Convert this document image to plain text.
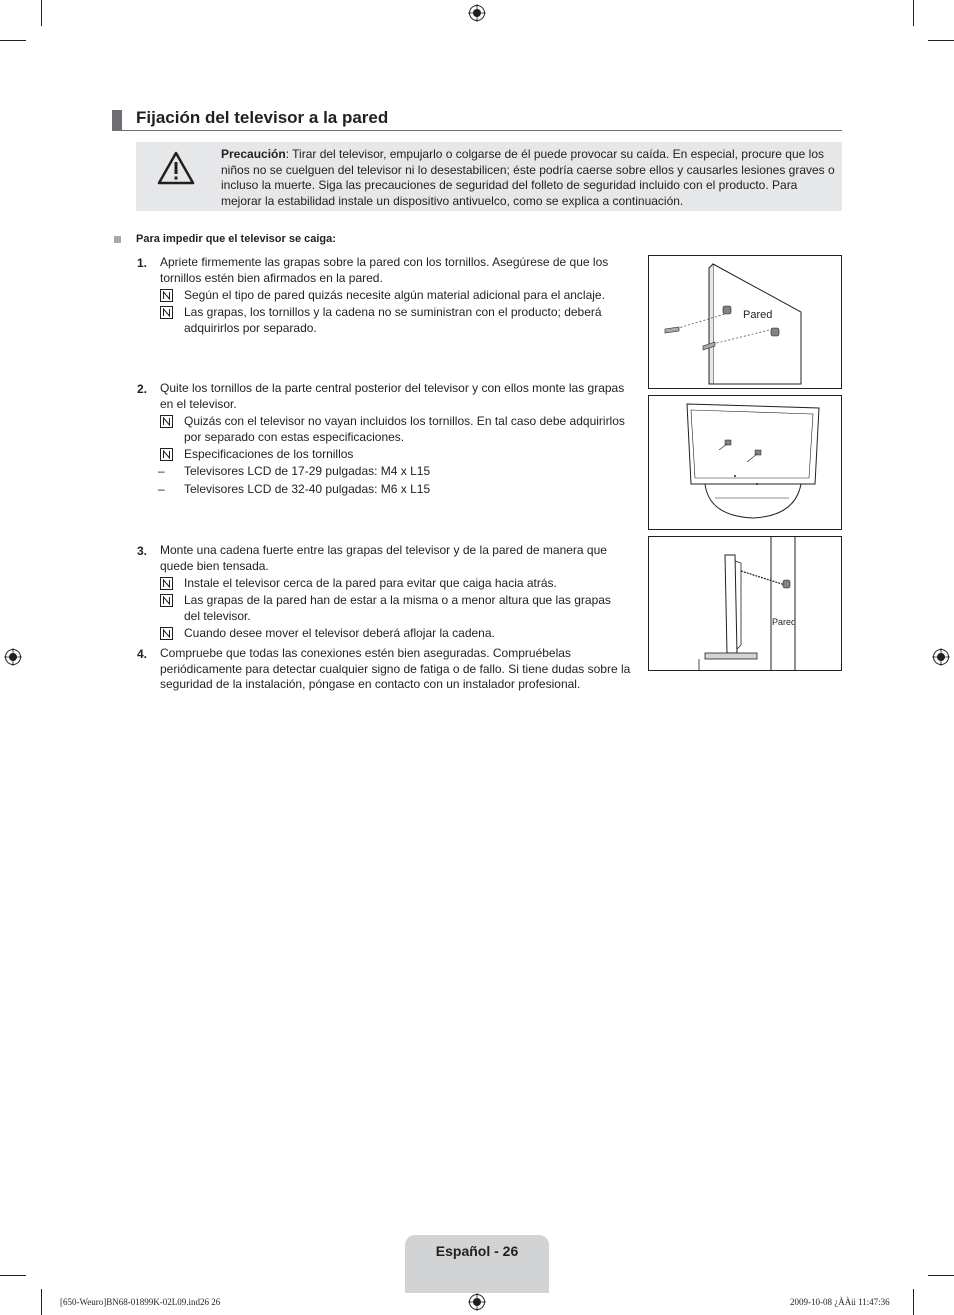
Fijación del televisor a la pared
Precaución: Tirar del televisor, empujarlo o colgarse de él puede provocar su caída. En especial, procure que los niños no se cuelguen del televisor ni lo desestabilicen; éste podría caerse sobre ellos y causarles lesiones graves o incluso la muerte. Siga las precauciones de seguridad del folleto de seguridad incluido con el producto. Para mejorar la estabilidad instale un dispositivo antivuelco, como se explica a continuación.
Para impedir que el televisor se caiga:
1. Apriete firmemente las grapas sobre la pared con los tornillos. Asegúrese de que los tornillos estén bien afirmados en la pared.
Según el tipo de pared quizás necesite algún material adicional para el anclaje.
Las grapas, los tornillos y la cadena no se suministran con el producto; deberá adquirirlos por separado.
2. Quite los tornillos de la parte central posterior del televisor y con ellos monte las grapas en el televisor.
Quizás con el televisor no vayan incluidos los tornillos. En tal caso debe adquirirlos por separado con estas especificaciones.
Especificaciones de los tornillos
– Televisores LCD de 17-29 pulgadas: M4 x L15
– Televisores LCD de 32-40 pulgadas: M6 x L15
3. Monte una cadena fuerte entre las grapas del televisor y de la pared de manera que quede bien tensada.
Instale el televisor cerca de la pared para evitar que caiga hacia atrás.
Las grapas de la pared han de estar a la misma o a menor altura que las grapas del televisor.
Cuando desee mover el televisor deberá aflojar la cadena.
4. Compruebe que todas las conexiones estén bien aseguradas. Compruébelas periódicamente para detectar cualquier signo de fatiga o de fallo. Si tiene dudas sobre la seguridad de la instalación, póngase en contacto con un instalador profesional.
Pared
Pared
Español - 26
[650-Weuro]BN68-01899K-02L09.ind26 26	2009-10-08 ¿ÀÀü 11:47:36
